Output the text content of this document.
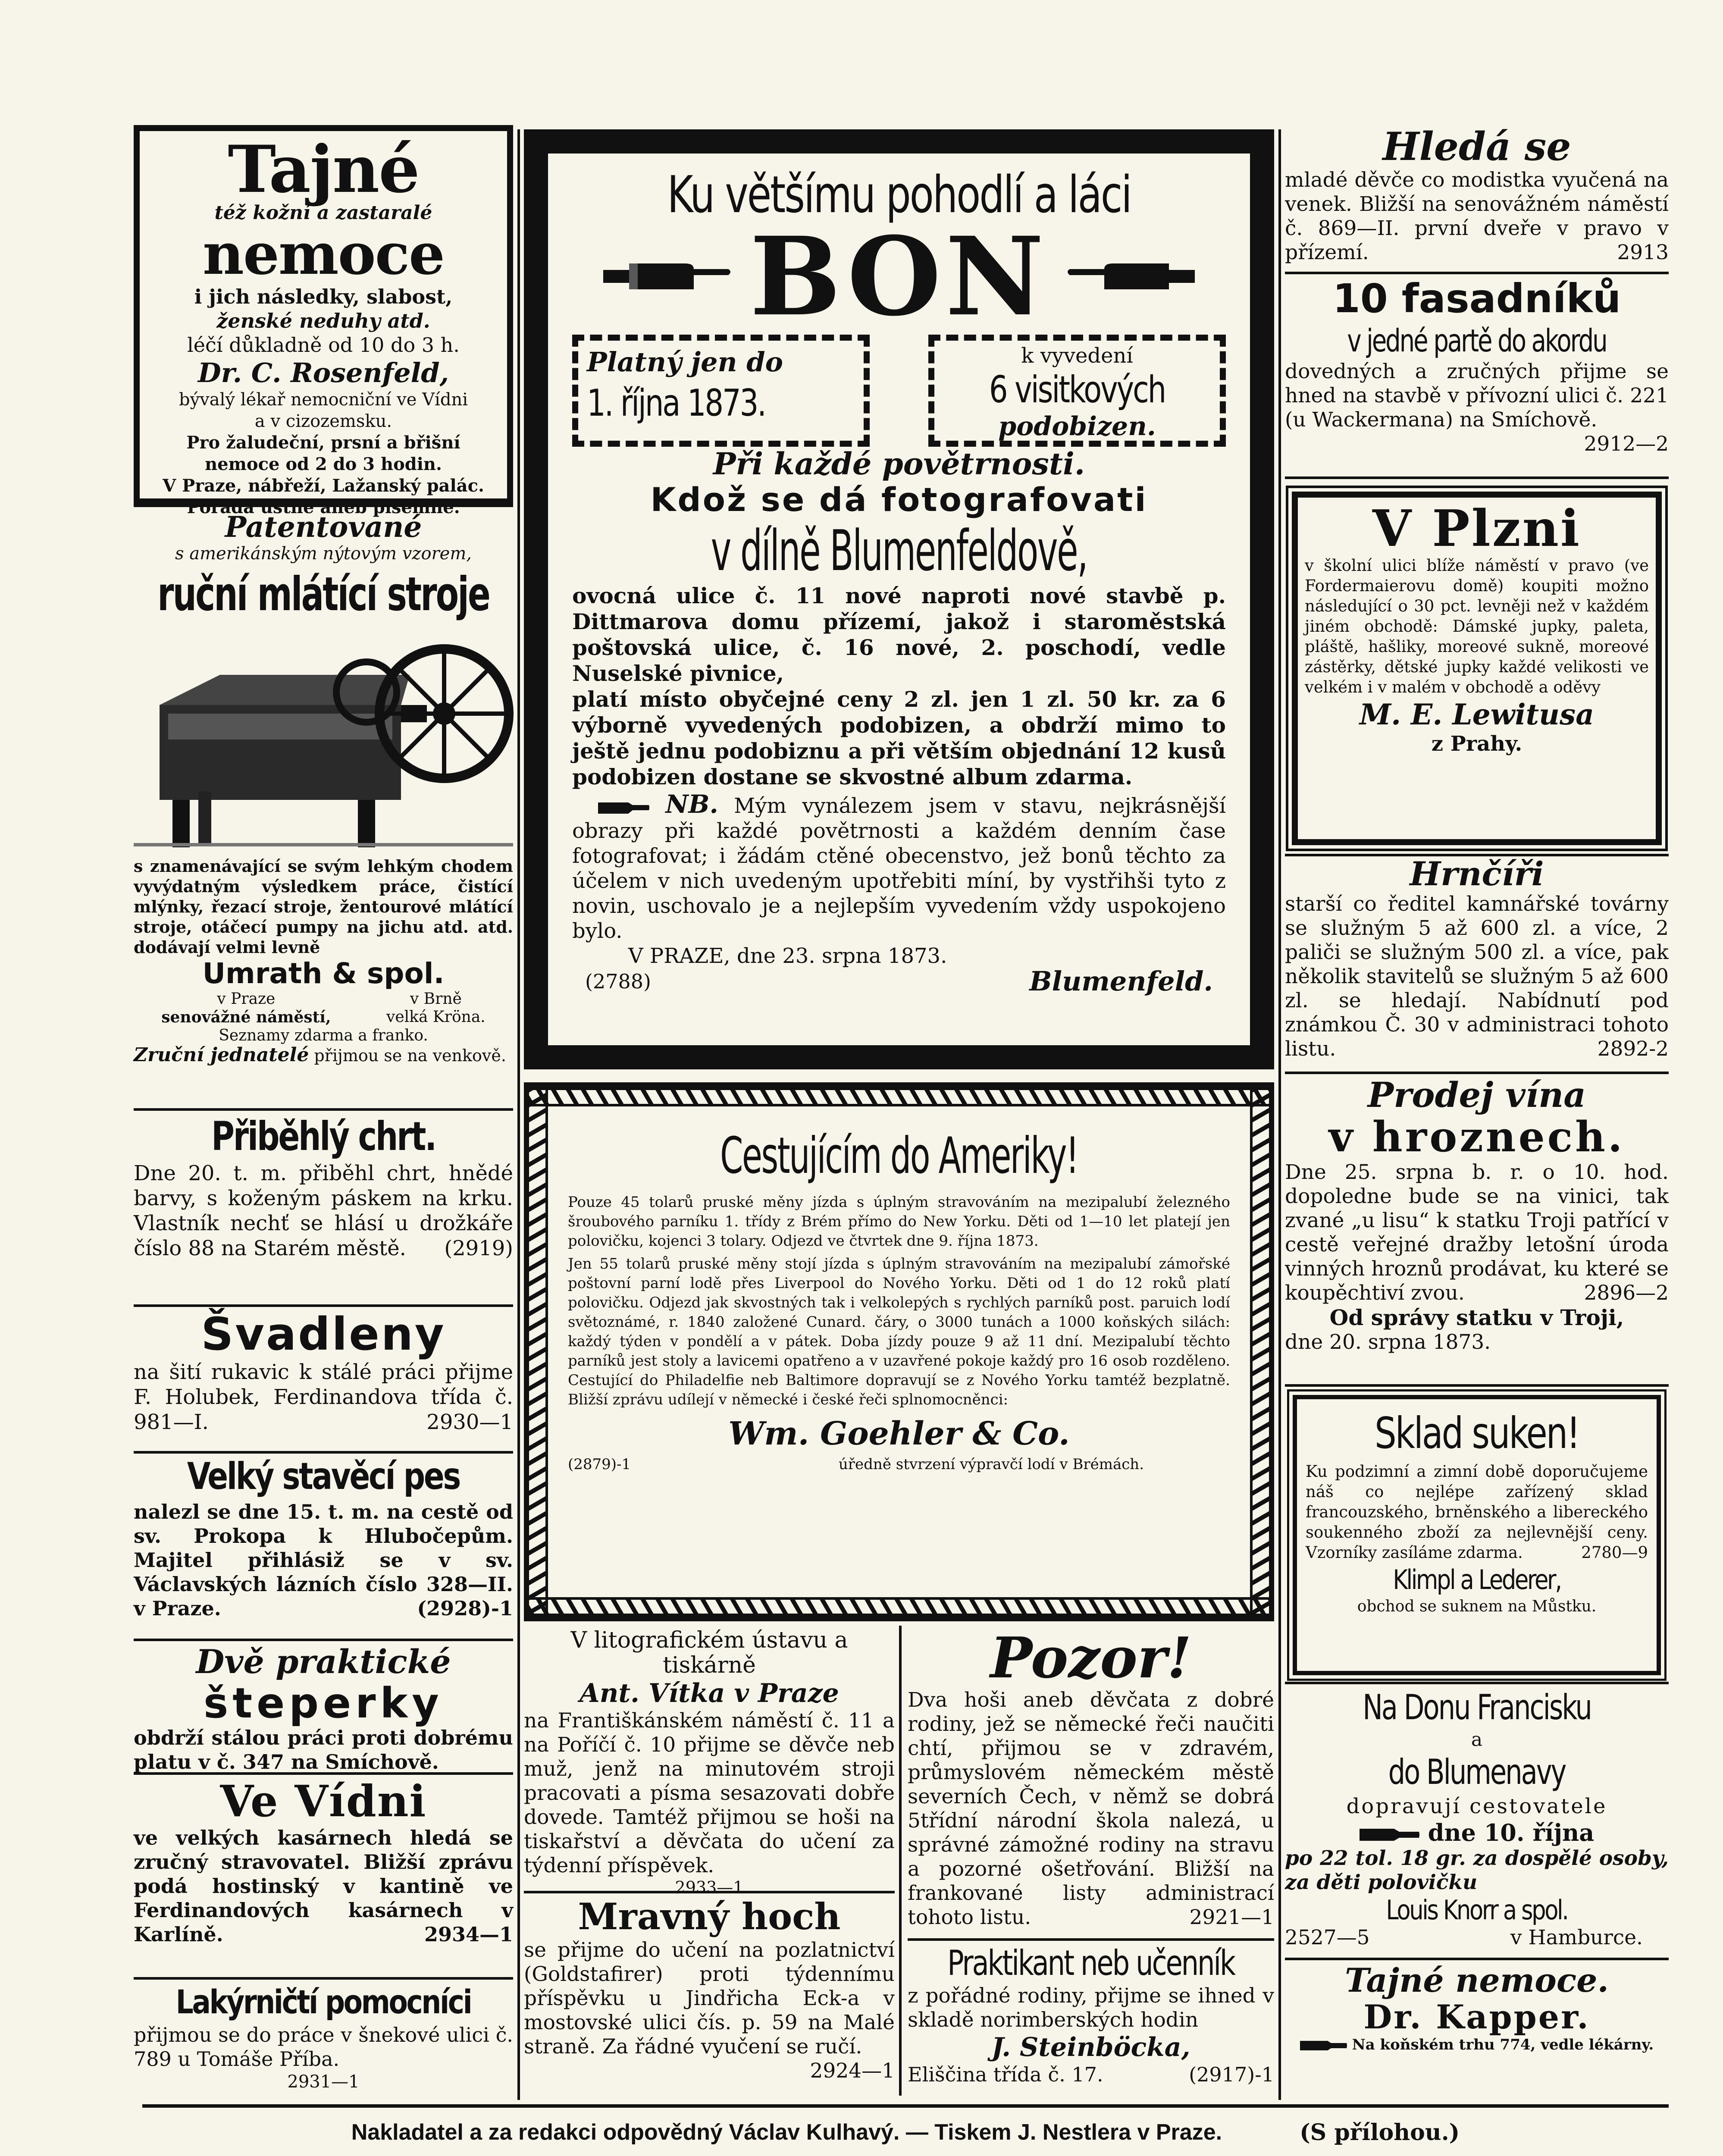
Tajné
též kožní a zastaralé
nemoce
i jich následky, slabost,
ženské neduhy atd.
léčí důkladně od 10 do 3 h.
Dr. C. Rosenfeld,
bývalý lékař nemocniční ve Vídni
a v cizozemsku.
Pro žaludeční, prsní a břišní
nemoce od 2 do 3 hodin.
V Praze, nábřeží, Lažanský palác.
Porada ústně aneb písemně.
Patentované
s amerikánským nýtovým vzorem,
ruční mlátící stroje
s znamenávající se svým lehkým chodem vyvýdatným výsledkem práce, čistící mlýnky, řezací stroje, žentourové mlátící stroje, otáčecí pumpy na jichu atd. atd. dodávají velmi levně
Umrath & spol.
v Praze
senovážné náměstí,
v Brně
velká Kröna.
Seznamy zdarma a franko.
Zruční jednatelé přijmou se na venkově.
Přiběhlý chrt.
Dne 20. t. m. přiběhl chrt, hnědé barvy, s koženým páskem na krku. Vlastník nechť se hlásí u drožkáře číslo 88 na Starém městě. (2919)
Švadleny
na šití rukavic k stálé práci přijme F. Holubek, Ferdinandova třída č. 981—I.	2930—1
Velký stavěcí pes
nalezl se dne 15. t. m. na cestě od sv. Prokopa k Hlubočepům. Majitel přihlásiž se v sv. Václavských lázních číslo 328—II. v Praze.	(2928)-1
Dvě praktické
šteperky
obdrží stálou práci proti dobrému platu v č. 347 na Smíchově.
Ve Vídni
ve velkých kasárnech hledá se zručný stravovatel. Bližší zprávu podá hostinský v kantině ve Ferdinandových kasárnech v Karlíně.	2934—1
Lakýrničtí pomocníci
přijmou se do práce v šnekové ulici č. 789 u Tomáše Příba.
2931—1
Ku většímu pohodlí a láci
BON
Platný jen do
1. října 1873.
k vyvedení
6 visitkových
podobizen.
Při každé povětrnosti.
Kdož se dá fotografovati
v dílně Blumenfeldově,
ovocná ulice č. 11 nové naproti nové stavbě p. Dittmarova domu přízemí, jakož i staroměstská poštovská ulice, č. 16 nové, 2. poschodí, vedle Nuselské pivnice,
platí místo obyčejné ceny 2 zl. jen 1 zl. 50 kr. za 6 výborně vyvedených podobizen, a obdrží mimo to ještě jednu podobiznu a při větším objednání 12 kusů podobizen dostane se skvostné album zdarma.
NB. Mým vynálezem jsem v stavu, nejkrásnější obrazy při každé povětrnosti a každém denním čase fotografovat; i žádám ctěné obecenstvo, jež bonů těchto za účelem v nich uvedeným upotřebiti míní, by vystřihši tyto z novin, uschovalo je a nejlepším vyvedením vždy uspokojeno bylo.
V PRAZE, dne 23. srpna 1873.
(2788)	Blumenfeld.
Cestujícím do Ameriky!
Pouze 45 tolarů pruské měny jízda s úplným stravováním na mezipalubí železného šroubového parníku 1. třídy z Brém přímo do New Yorku. Děti od 1—10 let platejí jen polovičku, kojenci 3 tolary. Odjezd ve čtvrtek dne 9. října 1873.
Jen 55 tolarů pruské měny stojí jízda s úplným stravováním na mezipalubí zámořské poštovní parní lodě přes Liverpool do Nového Yorku. Děti od 1 do 12 roků platí polovičku. Odjezd jak skvostných tak i velkolepých s rychlých parníků post. paruich lodí světoznámé, r. 1840 založené Cunard. čáry, o 3000 tunách a 1000 koňských silách: každý týden v pondělí a v pátek. Doba jízdy pouze 9 až 11 dní. Mezipalubí těchto parníků jest stoly a lavicemi opatřeno a v uzavřené pokoje každý pro 16 osob rozděleno. Cestující do Philadelfie neb Baltimore dopravují se z Nového Yorku tamtéž bezplatně. Bližší zprávu udílejí v německé i české řeči splnomocněnci:
Wm. Goehler & Co.
(2879)-1	úředně stvrzení výpravčí lodí v Brémách.
V litografickém ústavu a tiskárně
Ant. Vítka v Praze
na Františkánském náměstí č. 11 a na Poříčí č. 10 přijme se děvče neb muž, jenž na minutovém stroji pracovati a písma sesazovati dobře dovede. Tamtéž přijmou se hoši na tiskařství a děvčata do učení za týdenní příspěvek.
2933—1
Mravný hoch
se přijme do učení na pozlatnictví (Goldstafirer) proti týdennímu příspěvku u Jindřicha Eck-a v mostovské ulici čís. p. 59 na Malé straně. Za řádné vyučení se ručí.
2924—1
Pozor!
Dva hoši aneb děvčata z dobré rodiny, jež se německé řeči naučiti chtí, přijmou se v zdravém, průmyslovém německém městě severních Čech, v němž se dobrá 5třídní národní škola nalezá, u správné zámožné rodiny na stravu a pozorné ošetřování. Bližší na frankované listy administrací tohoto listu.	2921—1
Praktikant neb učenník
z pořádné rodiny, přijme se ihned v skladě norimberských hodin
J. Steinböcka,
Eliščina třída č. 17.	(2917)-1
Hledá se
mladé děvče co modistka vyučená na venek. Bližší na senovážném náměstí č. 869—II. první dveře v pravo v přízemí.	2913
10 fasadníků
v jedné partě do akordu
dovedných a zručných přijme se hned na stavbě v přívozní ulici č. 221 (u Wackermana) na Smíchově.
2912—2
V Plzni
v školní ulici blíže náměstí v pravo (ve Fordermaierovu domě) koupiti možno následující o 30 pct. levněji než v každém jiném obchodě: Dámské jupky, paleta, pláště, hašliky, moreové sukně, moreové zástěrky, dětské jupky každé velikosti ve velkém i v malém v obchodě a oděvy
M. E. Lewitusa
z Prahy.
Hrnčíři
starší co ředitel kamnářské továrny se služným 5 až 600 zl. a více, 2 paliči se služným 500 zl. a více, pak několik stavitelů se služným 5 až 600 zl. se hledají. Nabídnutí pod známkou Č. 30 v administraci tohoto listu.	2892-2
Prodej vína
v hroznech.
Dne 25. srpna b. r. o 10. hod. dopoledne bude se na vinici, tak zvané „u lisu“ k statku Troji patřící v cestě veřejné dražby letošní úroda vinných hroznů prodávat, ku které se koupěchtiví zvou.	2896—2
Od správy statku v Troji,
dne 20. srpna 1873.
Sklad suken!
Ku podzimní a zimní době doporučujeme náš co nejlépe zařízený sklad francouzského, brněnského a libereckého soukenného zboží za nejlevnější ceny. Vzorníky zasíláme zdarma.	2780—9
Klimpl a Lederer,
obchod se suknem na Můstku.
Na Donu Francisku
a
do Blumenavy
dopravují cestovatele
dne 10. října
po 22 tol. 18 gr. za dospělé osoby, za děti polovičku
Louis Knorr a spol.
2527—5	v Hamburce.
Tajné nemoce.
Dr. Kapper.
Na koňském trhu 774, vedle lékárny.
Nakladatel a za redakci odpovědný Václav Kulhavý. — Tiskem J. Nestlera v Praze.	(S přílohou.)
